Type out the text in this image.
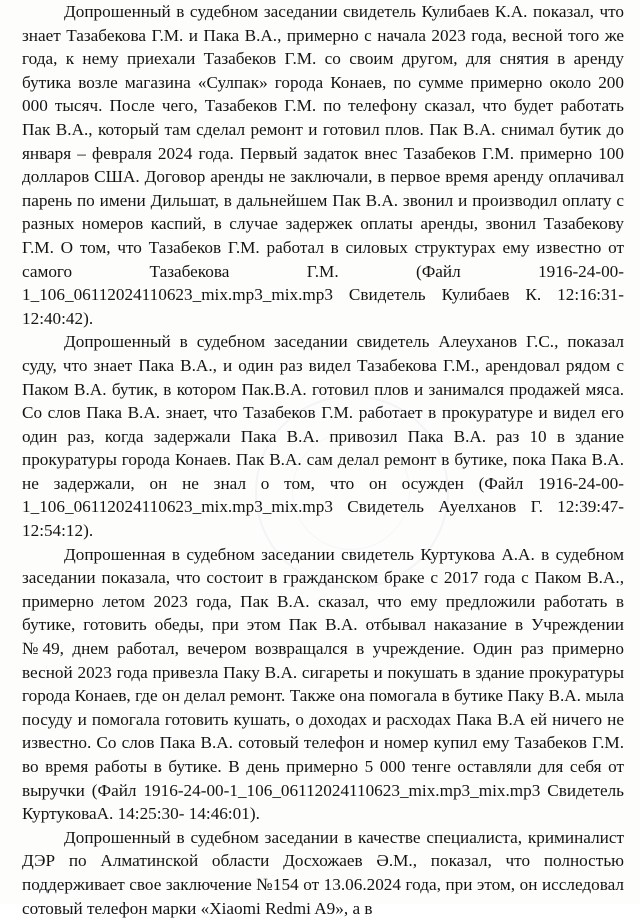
Допрошенный в судебном заседании свидетель Кулибаев К.А. показал, что знает Тазабекова Г.М. и Пака В.А., примерно с начала 2023 года, весной того же года, к нему приехали Тазабеков Г.М. со своим другом, для снятия в аренду бутика возле магазина «Сулпак» города Конаев, по сумме примерно около 200 000 тысяч. После чего, Тазабеков Г.М. по телефону сказал, что будет работать Пак В.А., который там сделал ремонт и готовил плов. Пак В.А. снимал бутик до января – февраля 2024 года. Первый задаток внес Тазабеков Г.М. примерно 100 долларов США. Договор аренды не заключали, в первое время аренду оплачивал парень по имени Дильшат, в дальнейшем Пак В.А. звонил и производил оплату с разных номеров каспий, в случае задержек оплаты аренды, звонил Тазабекову Г.М. О том, что Тазабеков Г.М. работал в силовых структурах ему известно от самого Тазабекова Г.М. (Файл 1916-24-00-1_106_06112024110623_mix.mp3_mix.mp3 Свидетель Кулибаев К. 12:16:31- 12:40:42).

Допрошенный в судебном заседании свидетель Алеуханов Г.С., показал суду, что знает Пака В.А., и один раз видел Тазабекова Г.М., арендовал рядом с Паком В.А. бутик, в котором Пак.В.А. готовил плов и занимался продажей мяса. Со слов Пака В.А. знает, что Тазабеков Г.М. работает в прокуратуре и видел его один раз, когда задержали Пака В.А. привозил Пака В.А. раз 10 в здание прокуратуры города Конаев. Пак В.А. сам делал ремонт в бутике, пока Пака В.А. не задержали, он не знал о том, что он осужден (Файл 1916-24-00-1_106_06112024110623_mix.mp3_mix.mp3 Свидетель Ауелханов Г. 12:39:47- 12:54:12).

Допрошенная в судебном заседании свидетель Куртукова А.А. в судебном заседании показала, что состоит в гражданском браке с 2017 года с Паком В.А., примерно летом 2023 года, Пак В.А. сказал, что ему предложили работать в бутике, готовить обеды, при этом Пак В.А. отбывал наказание в Учреждении №49, днем работал, вечером возвращался в учреждение. Один раз примерно весной 2023 года привезла Паку В.А. сигареты и покушать в здание прокуратуры города Конаев, где он делал ремонт. Также она помогала в бутике Паку В.А. мыла посуду и помогала готовить кушать, о доходах и расходах Пака В.А ей ничего не известно. Со слов Пака В.А. сотовый телефон и номер купил ему Тазабеков Г.М. во время работы в бутике. В день примерно 5 000 тенге оставляли для себя от выручки (Файл 1916-24-00-1_106_06112024110623_mix.mp3_mix.mp3 Свидетель КуртуковаА. 14:25:30- 14:46:01).

Допрошенный в судебном заседании в качестве специалиста, криминалист ДЭР по Алматинской области Досхожаев Ә.М., показал, что полностью поддерживает свое заключение №154 от 13.06.2024 года, при этом, он исследовал сотовый телефон марки «Xiaomi Redmi A9», а в
